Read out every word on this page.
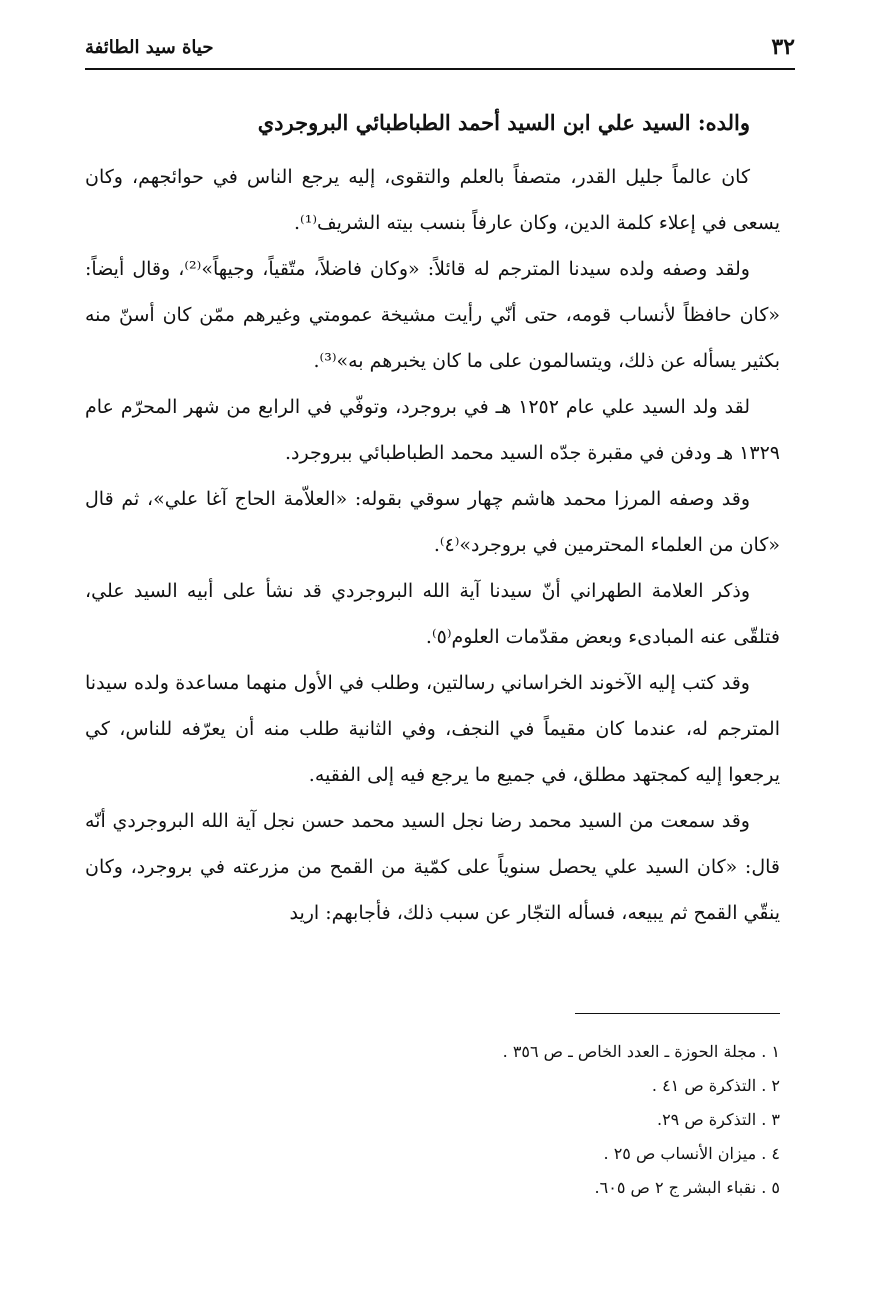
٣٢
حياة سيد الطائفة

والده: السيد علي ابن السيد أحمد الطباطبائي البروجردي

كان عالماً جليل القدر، متصفاً بالعلم والتقوى، إليه يرجع الناس في حوائجهم، وكان يسعى في إعلاء كلمة الدين، وكان عارفاً بنسب بيته الشريف⁽¹⁾.

ولقد وصفه ولده سيدنا المترجم له قائلاً: «وكان فاضلاً، متّقياً، وجيهاً»⁽²⁾، وقال أيضاً: «كان حافظاً لأنساب قومه، حتى أنّي رأيت مشيخة عمومتي وغيرهم ممّن كان أسنّ منه بكثير يسأله عن ذلك، ويتسالمون على ما كان يخبرهم به»⁽³⁾.

لقد ولد السيد علي عام ١٢٥٢ هـ في بروجرد، وتوفّي في الرابع من شهر المحرّم عام ١٣٢٩ هـ ودفن في مقبرة جدّه السيد محمد الطباطبائي ببروجرد.

وقد وصفه المرزا محمد هاشم چهار سوقي بقوله: «العلاّمة الحاج آغا علي»، ثم قال «كان من العلماء المحترمين في بروجرد»⁽٤⁾.

وذكر العلامة الطهراني أنّ سيدنا آية الله البروجردي قد نشأ على أبيه السيد علي، فتلقّى عنه المبادىء وبعض مقدّمات العلوم⁽٥⁾.

وقد كتب إليه الآخوند الخراساني رسالتين، وطلب في الأول منهما مساعدة ولده سيدنا المترجم له، عندما كان مقيماً في النجف، وفي الثانية طلب منه أن يعرّفه للناس، كي يرجعوا إليه كمجتهد مطلق، في جميع ما يرجع فيه إلى الفقيه.

وقد سمعت من السيد محمد رضا نجل السيد محمد حسن نجل آية الله البروجردي أنّه قال: «كان السيد علي يحصل سنوياً على كمّية من القمح من مزرعته في بروجرد، وكان ينقّي القمح ثم يبيعه، فسأله التجّار عن سبب ذلك، فأجابهم: اريد

١ . مجلة الحوزة ـ العدد الخاص ـ ص ٣٥٦ .
٢ . التذكرة ص ٤١ .
٣ . التذكرة ص ٢٩.
٤ . ميزان الأنساب ص ٢٥ .
٥ . نقباء البشر ج ٢ ص ٦٠٥.
